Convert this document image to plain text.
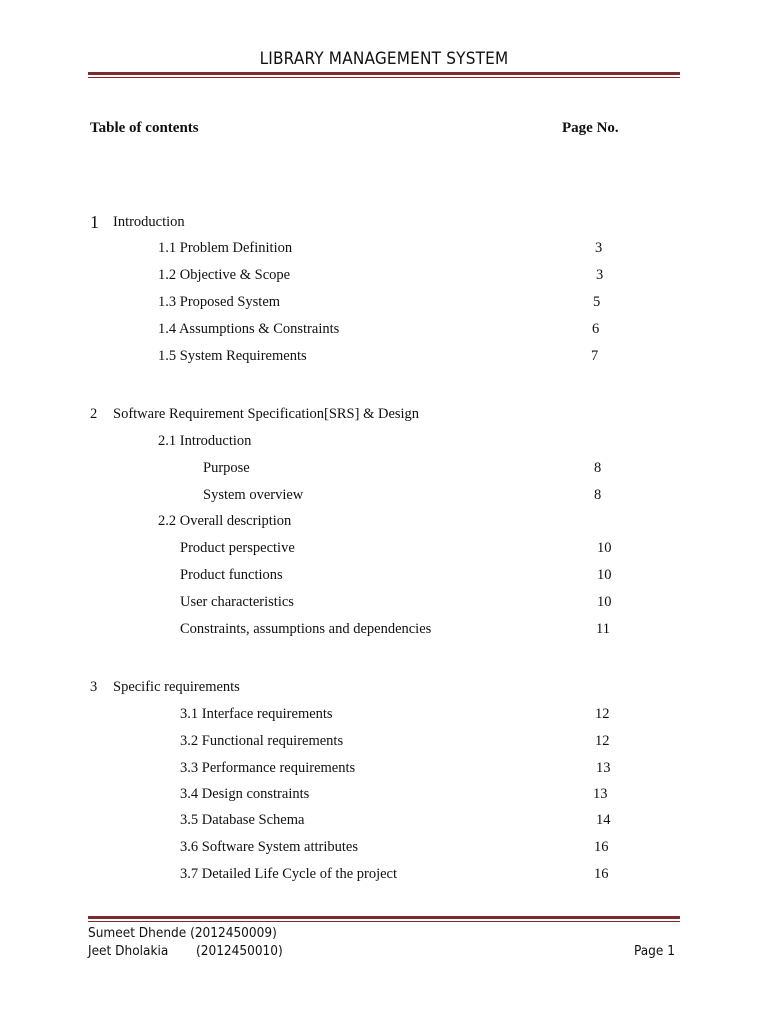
LIBRARY MANAGEMENT SYSTEM
Table of contents	Page No.
1 Introduction
1.1 Problem Definition	3
1.2 Objective & Scope	3
1.3 Proposed System	5
1.4 Assumptions & Constraints	6
1.5 System Requirements	7
2 Software Requirement Specification[SRS] & Design
2.1 Introduction
Purpose	8
System overview	8
2.2 Overall description
Product perspective	10
Product functions	10
User characteristics	10
Constraints, assumptions and dependencies	11
3 Specific requirements
3.1 Interface requirements	12
3.2 Functional requirements	12
3.3 Performance requirements	13
3.4 Design constraints	13
3.5 Database Schema	14
3.6 Software System attributes	16
3.7 Detailed Life Cycle of the project	16
Sumeet Dhende (2012450009)
Jeet Dholakia (2012450010)	Page 1
